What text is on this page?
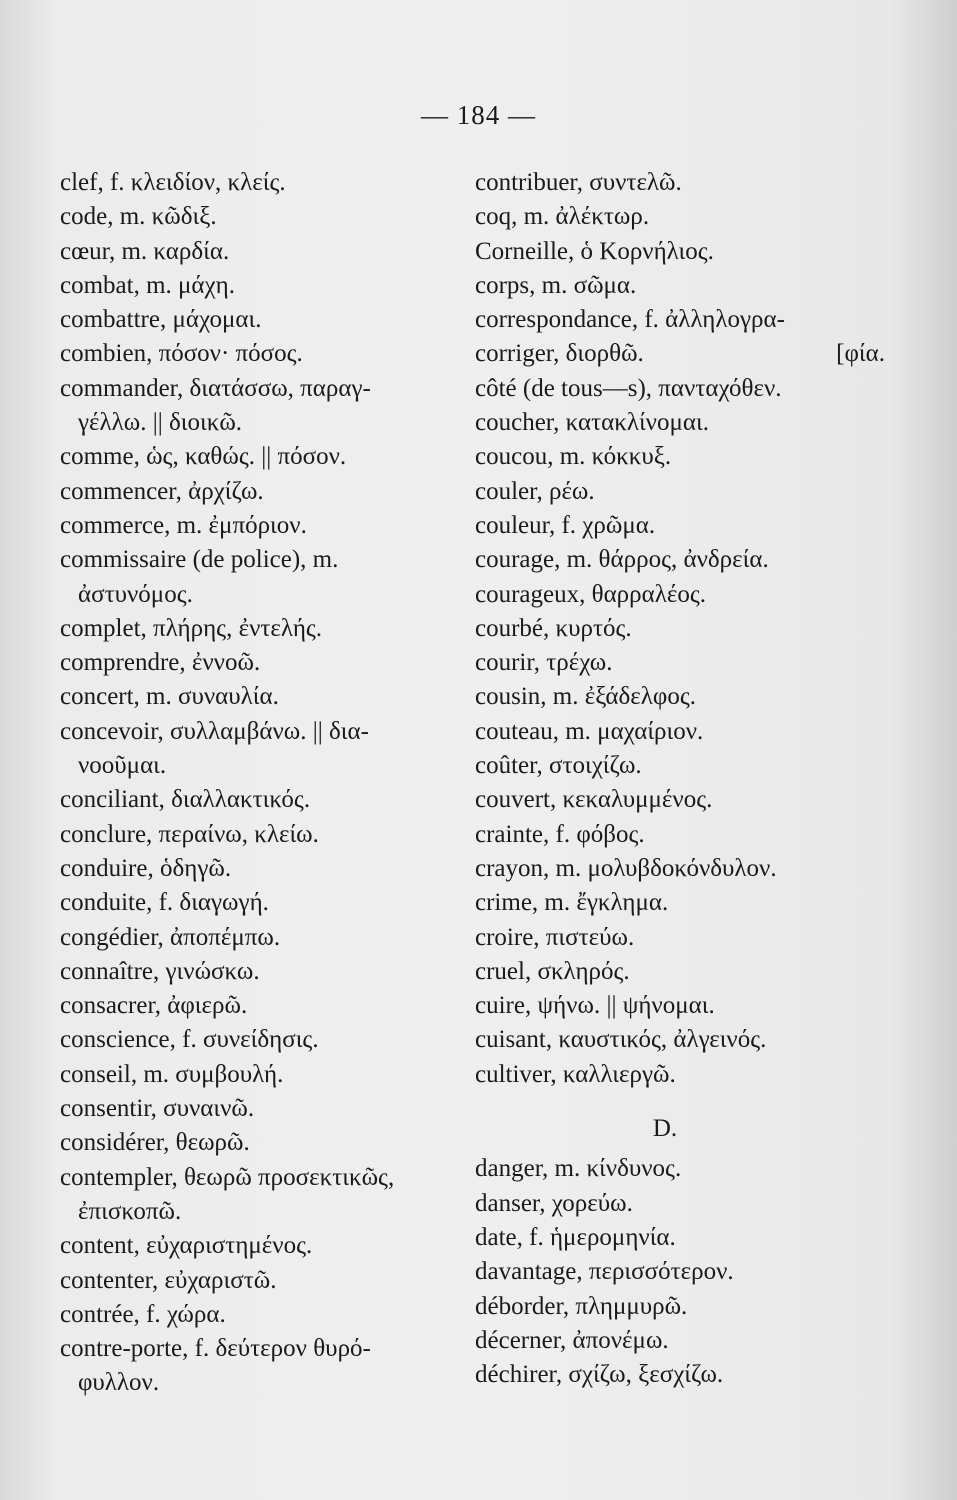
— 184 —
clef, f. κλειδίον, κλείς.
code, m. κῶδιξ.
cœur, m. καρδία.
combat, m. μάχη.
combattre, μάχομαι.
combien, πόσον· πόσος.
commander, διατάσσω, παραγ-
γέλλω. || διοικῶ.
comme, ὡς, καθώς. || πόσον.
commencer, ἀρχίζω.
commerce, m. ἐμπόριον.
commissaire (de police), m.
ἀστυνόμος.
complet, πλήρης, ἐντελής.
comprendre, ἐννοῶ.
concert, m. συναυλία.
concevoir, συλλαμβάνω. || δια-
νοοῦμαι.
conciliant, διαλλακτικός.
conclure, περαίνω, κλείω.
conduire, ὁδηγῶ.
conduite, f. διαγωγή.
congédier, ἀποπέμπω.
connaître, γινώσκω.
consacrer, ἀφιερῶ.
conscience, f. συνείδησις.
conseil, m. συμβουλή.
consentir, συναινῶ.
considérer, θεωρῶ.
contempler, θεωρῶ προσεκτικῶς,
ἐπισκοπῶ.
content, εὐχαριστημένος.
contenter, εὐχαριστῶ.
contrée, f. χώρα.
contre-porte, f. δεύτερον θυρό-
φυλλον.
contribuer, συντελῶ.
coq, m. ἀλέκτωρ.
Corneille, ὁ Κορνήλιος.
corps, m. σῶμα.
correspondance, f. ἀλληλογρα-
corriger, διορθῶ.	[φία.
côté (de tous—s), πανταχόθεν.
coucher, κατακλίνομαι.
coucou, m. κόκκυξ.
couler, ρέω.
couleur, f. χρῶμα.
courage, m. θάρρος, ἀνδρεία.
courageux, θαρραλέος.
courbé, κυρτός.
courir, τρέχω.
cousin, m. ἐξάδελφος.
couteau, m. μαχαίριον.
coûter, στοιχίζω.
couvert, κεκαλυμμένος.
crainte, f. φόβος.
crayon, m. μολυβδοκόνδυλον.
crime, m. ἔγκλημα.
croire, πιστεύω.
cruel, σκληρός.
cuire, ψήνω. || ψήνομαι.
cuisant, καυστικός, ἀλγεινός.
cultiver, καλλιεργῶ.
D.
danger, m. κίνδυνος.
danser, χορεύω.
date, f. ἡμερομηνία.
davantage, περισσότερον.
déborder, πλημμυρῶ.
décerner, ἀπονέμω.
déchirer, σχίζω, ξεσχίζω.
